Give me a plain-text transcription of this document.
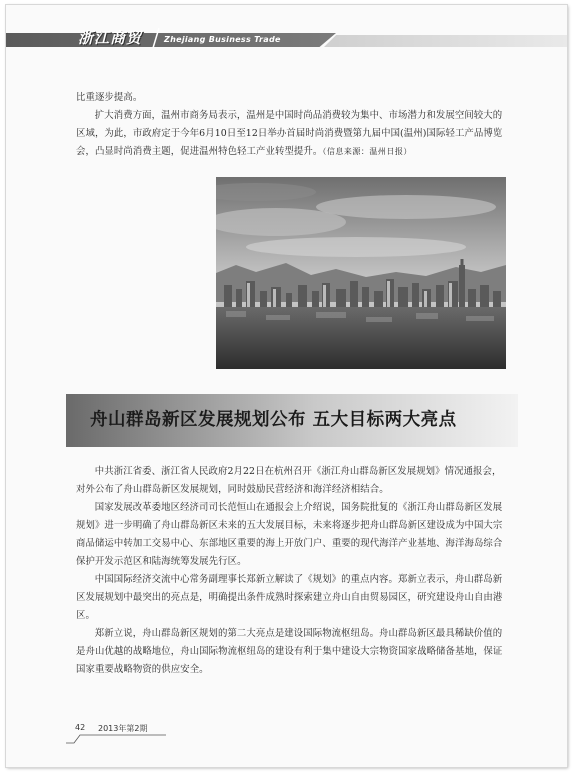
浙江商贸	Zhejiang Business Trade

比重逐步提高。

扩大消费方面，温州市商务局表示，温州是中国时尚品消费较为集中、市场潜力和发展空间较大的区域，为此，市政府定于今年6月10日至12日举办首届时尚消费暨第九届中国(温州)国际轻工产品博览会，凸显时尚消费主题，促进温州特色轻工产业转型提升。（信息来源：温州日报）

舟山群岛新区发展规划公布 五大目标两大亮点

中共浙江省委、浙江省人民政府2月22日在杭州召开《浙江舟山群岛新区发展规划》情况通报会，对外公布了舟山群岛新区发展规划，同时鼓励民营经济和海洋经济相结合。

国家发展改革委地区经济司司长范恒山在通报会上介绍说，国务院批复的《浙江舟山群岛新区发展规划》进一步明确了舟山群岛新区未来的五大发展目标，未来将逐步把舟山群岛新区建设成为中国大宗商品储运中转加工交易中心、东部地区重要的海上开放门户、重要的现代海洋产业基地、海洋海岛综合保护开发示范区和陆海统筹发展先行区。

中国国际经济交流中心常务副理事长郑新立解读了《规划》的重点内容。郑新立表示，舟山群岛新区发展规划中最突出的亮点是，明确提出条件成熟时探索建立舟山自由贸易园区，研究建设舟山自由港区。

郑新立说，舟山群岛新区规划的第二大亮点是建设国际物流枢纽岛。舟山群岛新区最具稀缺价值的是舟山优越的战略地位，舟山国际物流枢纽岛的建设有利于集中建设大宗物资国家战略储备基地，保证国家重要战略物资的供应安全。

42 2013年第2期
